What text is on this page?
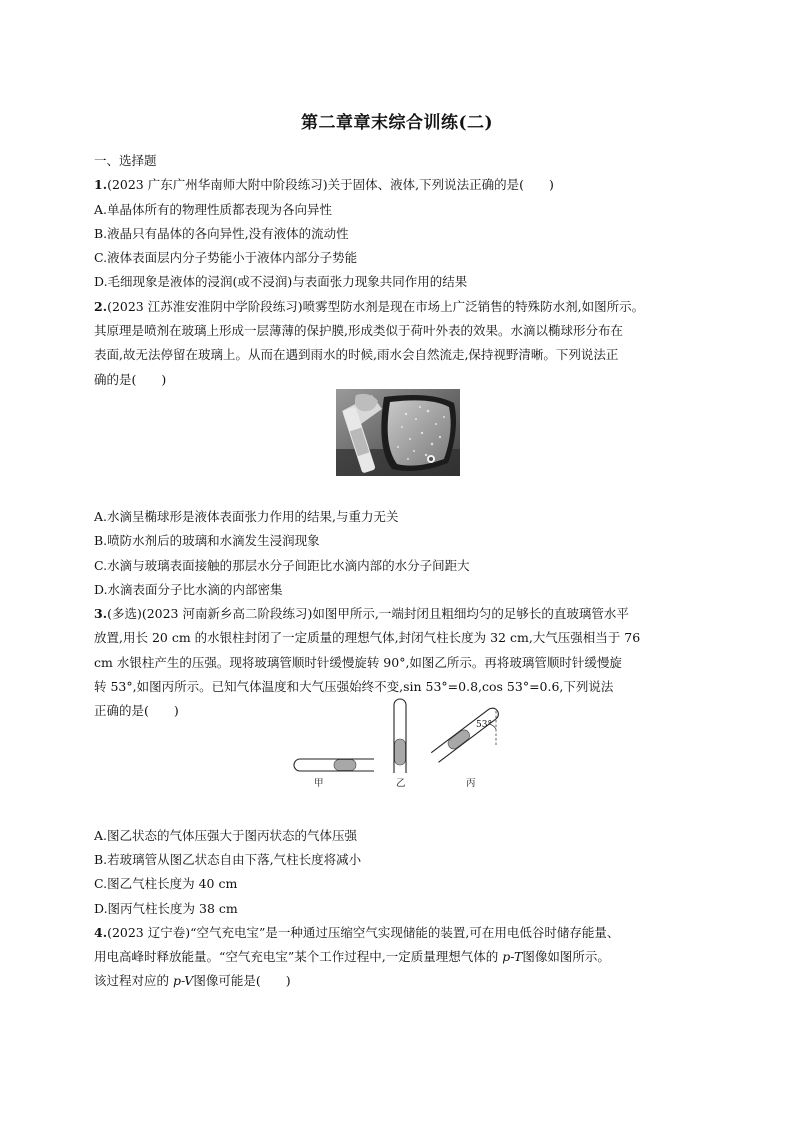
第二章章末综合训练(二)
一、选择题
1.(2023 广东广州华南师大附中阶段练习)关于固体、液体,下列说法正确的是(　　)
A.单晶体所有的物理性质都表现为各向异性
B.液晶只有晶体的各向异性,没有液体的流动性
C.液体表面层内分子势能小于液体内部分子势能
D.毛细现象是液体的浸润(或不浸润)与表面张力现象共同作用的结果
2.(2023 江苏淮安淮阴中学阶段练习)喷雾型防水剂是现在市场上广泛销售的特殊防水剂,如图所示。
其原理是喷剂在玻璃上形成一层薄薄的保护膜,形成类似于荷叶外表的效果。水滴以椭球形分布在
表面,故无法停留在玻璃上。从而在遇到雨水的时候,雨水会自然流走,保持视野清晰。下列说法正
确的是(　　)
A.水滴呈椭球形是液体表面张力作用的结果,与重力无关
B.喷防水剂后的玻璃和水滴发生浸润现象
C.水滴与玻璃表面接触的那层水分子间距比水滴内部的水分子间距大
D.水滴表面分子比水滴的内部密集
3.(多选)(2023 河南新乡高二阶段练习)如图甲所示,一端封闭且粗细均匀的足够长的直玻璃管水平
放置,用长 20 cm 的水银柱封闭了一定质量的理想气体,封闭气柱长度为 32 cm,大气压强相当于 76
cm 水银柱产生的压强。现将玻璃管顺时针缓慢旋转 90°,如图乙所示。再将玻璃管顺时针缓慢旋
转 53°,如图丙所示。已知气体温度和大气压强始终不变,sin 53°=0.8,cos 53°=0.6,下列说法
正确的是(　　)
A.图乙状态的气体压强大于图丙状态的气体压强
B.若玻璃管从图乙状态自由下落,气柱长度将减小
C.图乙气柱长度为 40 cm
D.图丙气柱长度为 38 cm
4.(2023 辽宁卷)“空气充电宝”是一种通过压缩空气实现储能的装置,可在用电低谷时储存能量、
用电高峰时释放能量。“空气充电宝”某个工作过程中,一定质量理想气体的 p-T图像如图所示。
该过程对应的 p-V图像可能是(　　)
53°
甲	乙	丙
